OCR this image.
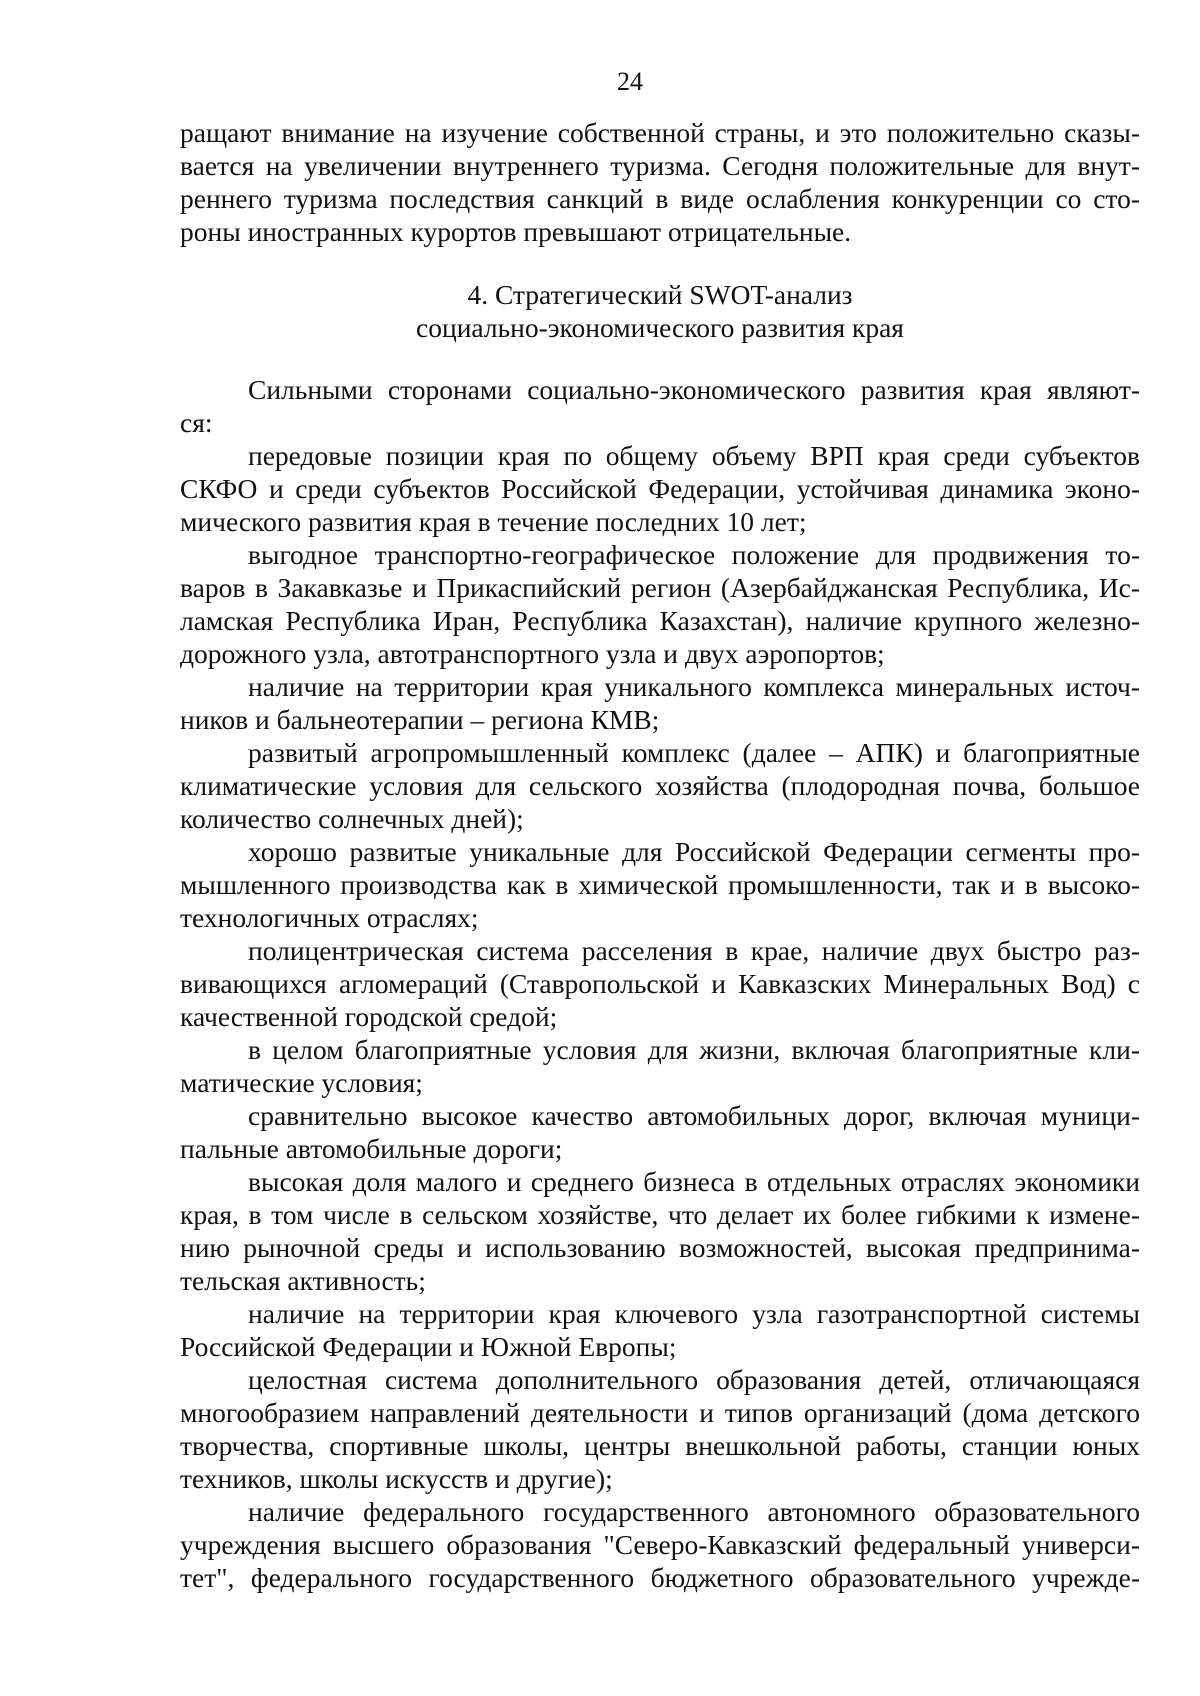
24
ращают внимание на изучение собственной страны, и это положительно сказы-
вается на увеличении внутреннего туризма. Сегодня положительные для внут-
реннего туризма последствия санкций в виде ослабления конкуренции со сто-
роны иностранных курортов превышают отрицательные.
4. Стратегический SWOT-анализ
социально-экономического развития края
Сильными сторонами социально-экономического развития края являют-
ся:
передовые позиции края по общему объему ВРП края среди субъектов
СКФО и среди субъектов Российской Федерации, устойчивая динамика эконо-
мического развития края в течение последних 10 лет;
выгодное транспортно-географическое положение для продвижения то-
варов в Закавказье и Прикаспийский регион (Азербайджанская Республика, Ис-
ламская Республика Иран, Республика Казахстан), наличие крупного железно-
дорожного узла, автотранспортного узла и двух аэропортов;
наличие на территории края уникального комплекса минеральных источ-
ников и бальнеотерапии – региона КМВ;
развитый агропромышленный комплекс (далее – АПК) и благоприятные
климатические условия для сельского хозяйства (плодородная почва, большое
количество солнечных дней);
хорошо развитые уникальные для Российской Федерации сегменты про-
мышленного производства как в химической промышленности, так и в высоко-
технологичных отраслях;
полицентрическая система расселения в крае, наличие двух быстро раз-
вивающихся агломераций (Ставропольской и Кавказских Минеральных Вод) с
качественной городской средой;
в целом благоприятные условия для жизни, включая благоприятные кли-
матические условия;
сравнительно высокое качество автомобильных дорог, включая муници-
пальные автомобильные дороги;
высокая доля малого и среднего бизнеса в отдельных отраслях экономики
края, в том числе в сельском хозяйстве, что делает их более гибкими к измене-
нию рыночной среды и использованию возможностей, высокая предпринима-
тельская активность;
наличие на территории края ключевого узла газотранспортной системы
Российской Федерации и Южной Европы;
целостная система дополнительного образования детей, отличающаяся
многообразием направлений деятельности и типов организаций (дома детского
творчества, спортивные школы, центры внешкольной работы, станции юных
техников, школы искусств и другие);
наличие федерального государственного автономного образовательного
учреждения высшего образования "Северо-Кавказский федеральный универси-
тет", федерального государственного бюджетного образовательного учрежде-
